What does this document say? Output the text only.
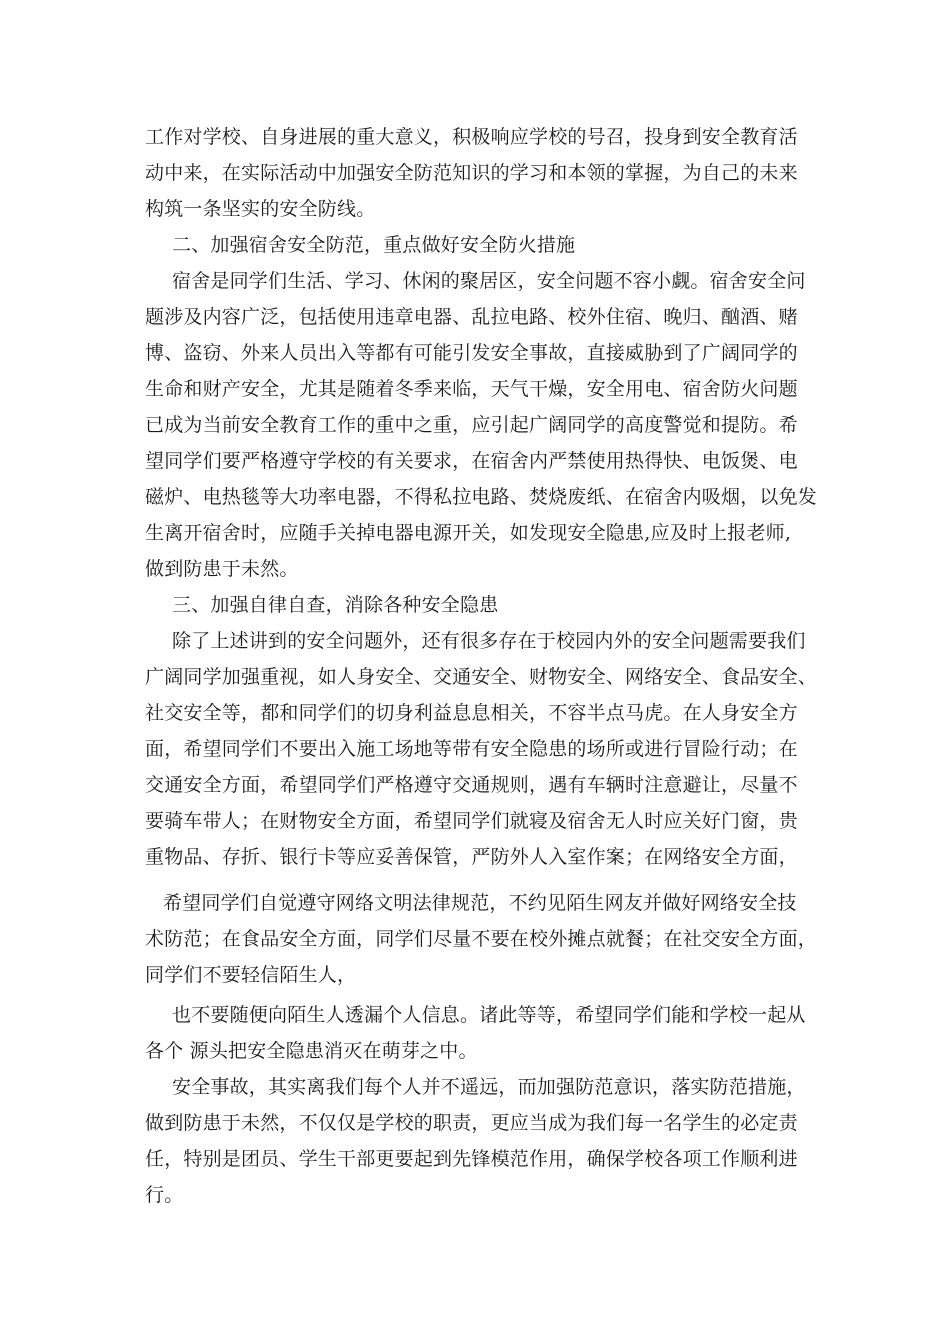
工作对学校、自身进展的重大意义，积极响应学校的号召，投身到安全教育活
动中来，在实际活动中加强安全防范知识的学习和本领的掌握，为自己的未来
构筑一条坚实的安全防线。
二、加强宿舍安全防范，重点做好安全防火措施
宿舍是同学们生活、学习、休闲的聚居区，安全问题不容小觑。宿舍安全问
题涉及内容广泛，包括使用违章电器、乱拉电路、校外住宿、晚归、酗酒、赌
博、盗窃、外来人员出入等都有可能引发安全事故，直接威胁到了广阔同学的
生命和财产安全，尤其是随着冬季来临，天气干燥，安全用电、宿舍防火问题
已成为当前安全教育工作的重中之重，应引起广阔同学的高度警觉和提防。希
望同学们要严格遵守学校的有关要求，在宿舍内严禁使用热得快、电饭煲、电
磁炉、电热毯等大功率电器，不得私拉电路、焚烧废纸、在宿舍内吸烟，以免发
生离开宿舍时，应随手关掉电器电源开关，如发现安全隐患,应及时上报老师,
做到防患于未然。
三、加强自律自查，消除各种安全隐患
除了上述讲到的安全问题外，还有很多存在于校园内外的安全问题需要我们
广阔同学加强重视，如人身安全、交通安全、财物安全、网络安全、食品安全、
社交安全等，都和同学们的切身利益息息相关，不容半点马虎。在人身安全方
面，希望同学们不要出入施工场地等带有安全隐患的场所或进行冒险行动；在
交通安全方面，希望同学们严格遵守交通规则，遇有车辆时注意避让，尽量不
要骑车带人；在财物安全方面，希望同学们就寝及宿舍无人时应关好门窗，贵
重物品、存折、银行卡等应妥善保管，严防外人入室作案；在网络安全方面，
希望同学们自觉遵守网络文明法律规范，不约见陌生网友并做好网络安全技
术防范；在食品安全方面，同学们尽量不要在校外摊点就餐；在社交安全方面，
同学们不要轻信陌生人，
也不要随便向陌生人透漏个人信息。诸此等等，希望同学们能和学校一起从
各个 源头把安全隐患消灭在萌芽之中。
安全事故，其实离我们每个人并不遥远，而加强防范意识，落实防范措施，
做到防患于未然，不仅仅是学校的职责，更应当成为我们每一名学生的必定责
任，特别是团员、学生干部更要起到先锋模范作用，确保学校各项工作顺利进
行。
